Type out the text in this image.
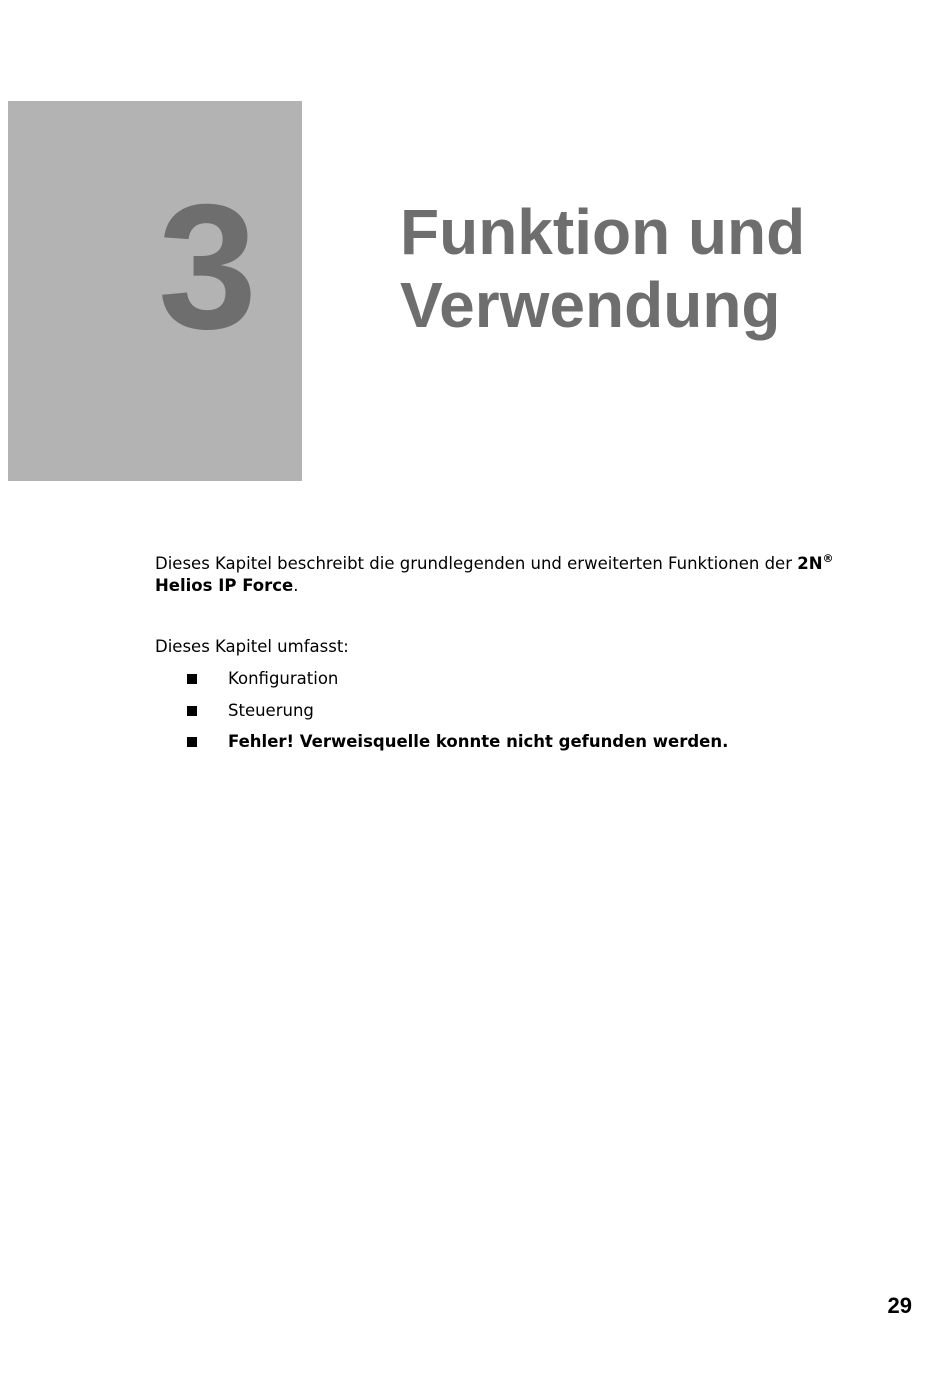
3 Funktion und
Verwendung

Dieses Kapitel beschreibt die grundlegenden und erweiterten Funktionen der 2N®
Helios IP Force.

Dieses Kapitel umfasst:

Konfiguration
Steuerung
Fehler! Verweisquelle konnte nicht gefunden werden.
29
